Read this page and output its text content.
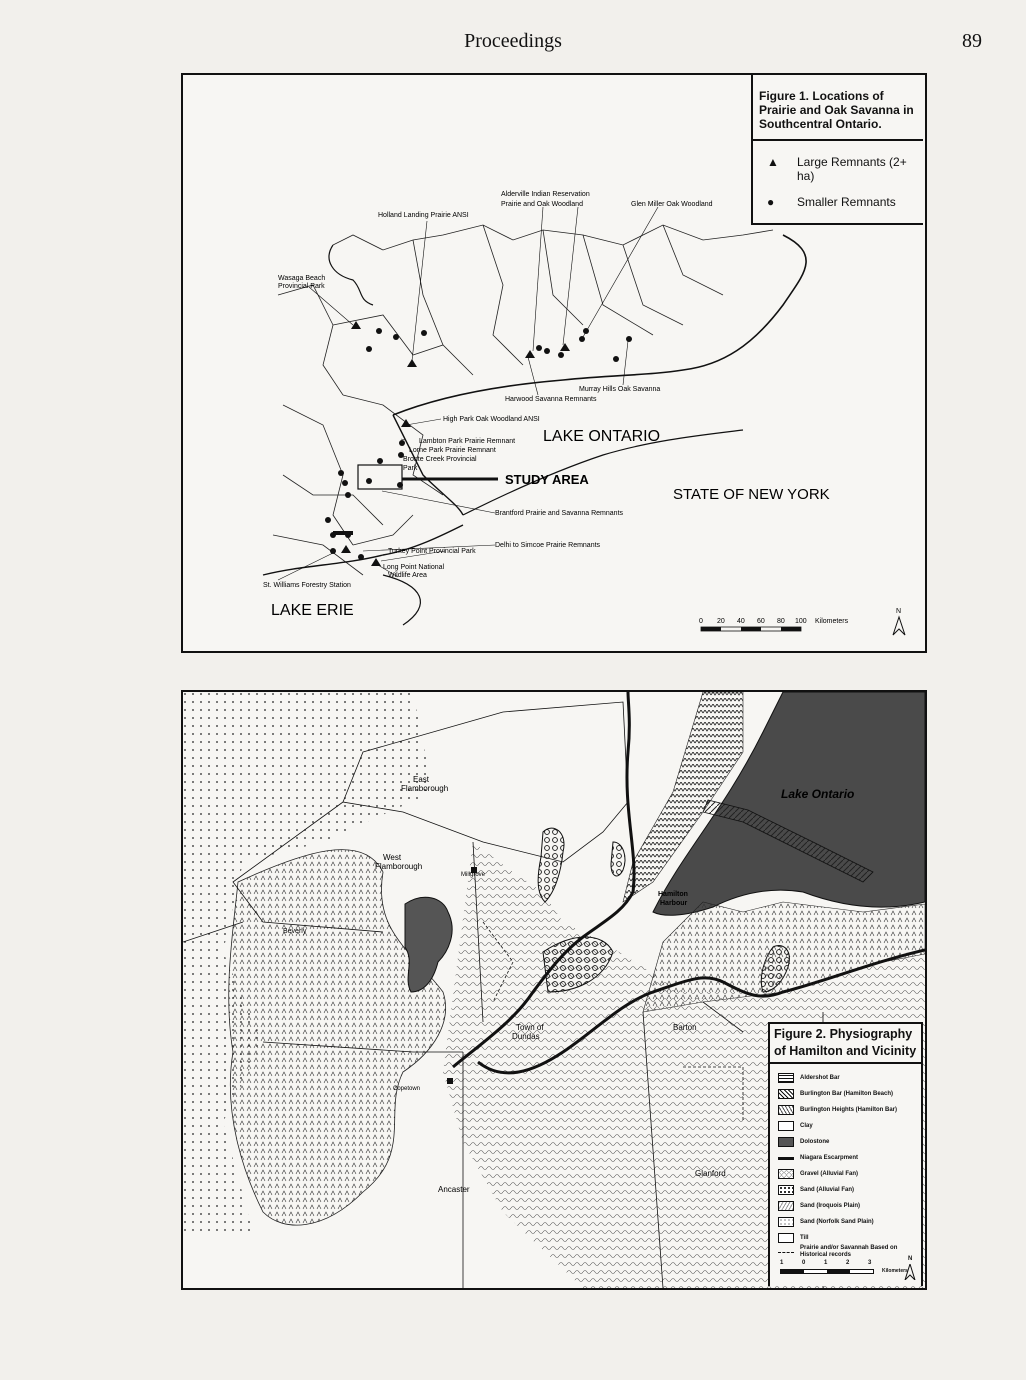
Proceedings	89
Holland Landing Prairie ANSI
Alderville Indian Reservation
Prairie and Oak Woodland	Glen Miller Oak Woodland
Wasaga Beach
Provincial Park
Murray Hills Oak Savanna
Harwood Savanna Remnants
High Park Oak Woodland ANSI
Lambton Park Prairie Remnant
Lorne Park Prairie Remnant
Bronte Creek Provincial
Park
Brantford Prairie and Savanna Remnants
Delhi to Simcoe Prairie Remnants
Turkey Point Provincial Park
Long Point National
Wildlife Area
St. Williams Forestry Station
LAKE ONTARIO
LAKE ERIE
STATE OF NEW YORK
STUDY AREA
0 20 40 60 80 100 Kilometers
N
Figure 1. Locations of Prairie and Oak Savanna in Southcentral Ontario.
▲	Large Remnants (2+ ha)
●	Smaller Remnants
East
Flamborough
West
Flamborough
Millgrove
Beverly
Town of
Dundas
Barton
Copetown
Ancaster
Glanford
Lake Ontario
Hamilton
Harbour
Figure 2. Physiography of Hamilton and Vicinity
Aldershot Bar
Burlington Bar (Hamilton Beach)
Burlington Heights (Hamilton Bar)
Clay
Dolostone
Niagara Escarpment
Gravel (Alluvial Fan)
Sand (Alluvial Fan)
Sand (Iroquois Plain)
Sand (Norfolk Sand Plain)
Till
Prairie and/or Savannah Based on Historical records
1	0	1	2	3
Kilometers
N
